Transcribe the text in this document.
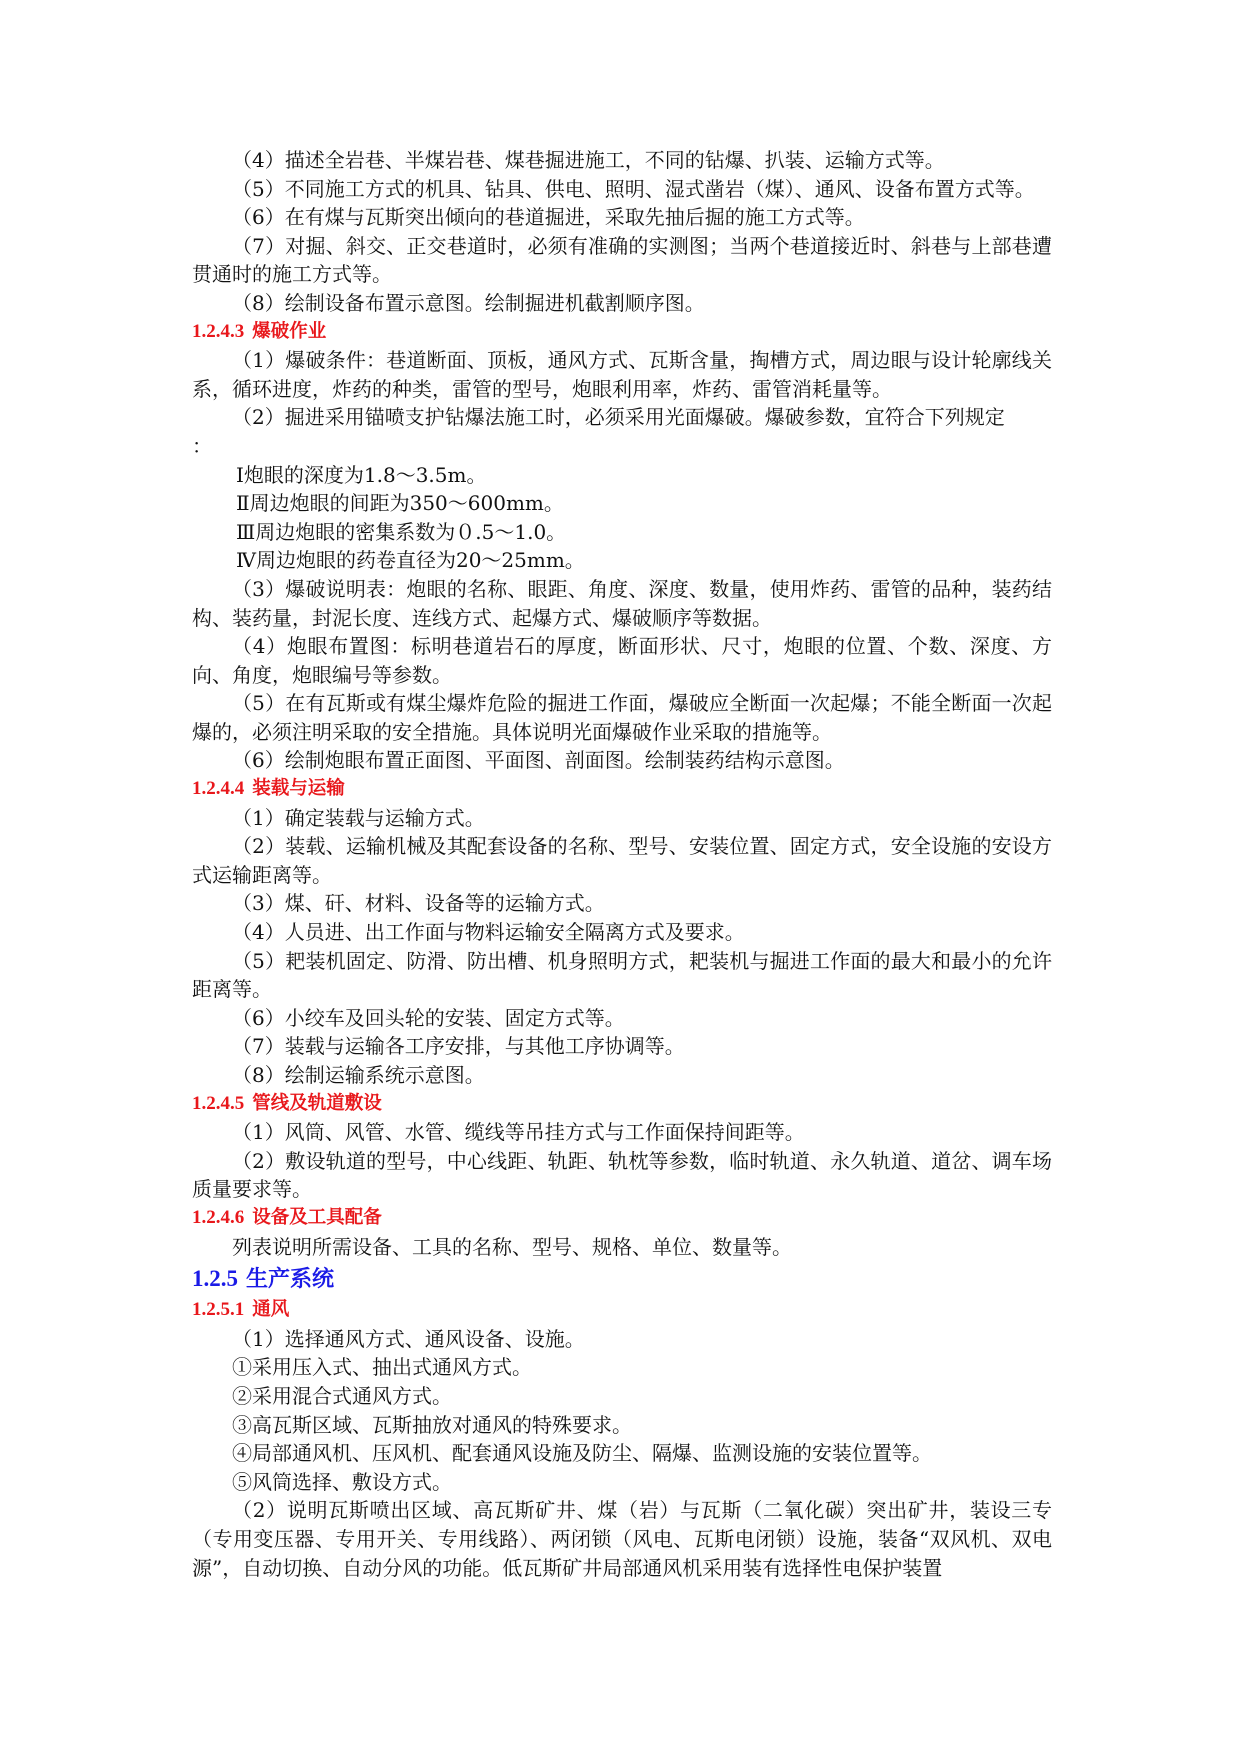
（4）描述全岩巷、半煤岩巷、煤巷掘进施工，不同的钻爆、扒装、运输方式等。

（5）不同施工方式的机具、钻具、供电、照明、湿式凿岩（煤）、通风、设备布置方式等。

（6）在有煤与瓦斯突出倾向的巷道掘进，采取先抽后掘的施工方式等。

（7）对掘、斜交、正交巷道时，必须有准确的实测图；当两个巷道接近时、斜巷与上部巷遭贯通时的施工方式等。

（8）绘制设备布置示意图。绘制掘进机截割顺序图。

1.2.4.3 爆破作业

（1）爆破条件：巷道断面、顶板，通风方式、瓦斯含量，掏槽方式，周边眼与设计轮廓线关系，循环进度，炸药的种类，雷管的型号，炮眼利用率，炸药、雷管消耗量等。

（2）掘进采用锚喷支护钻爆法施工时，必须采用光面爆破。爆破参数，宜符合下列规定

：

Ⅰ炮眼的深度为1.8～3.5m。

Ⅱ周边炮眼的间距为350～600mm。

Ⅲ周边炮眼的密集系数为０.5～1.0。

Ⅳ周边炮眼的药卷直径为20～25mm。

（3）爆破说明表：炮眼的名称、眼距、角度、深度、数量，使用炸药、雷管的品种，装药结构、装药量，封泥长度、连线方式、起爆方式、爆破顺序等数据。

（4）炮眼布置图：标明巷道岩石的厚度，断面形状、尺寸，炮眼的位置、个数、深度、方向、角度，炮眼编号等参数。

（5）在有瓦斯或有煤尘爆炸危险的掘进工作面，爆破应全断面一次起爆；不能全断面一次起爆的，必须注明采取的安全措施。具体说明光面爆破作业采取的措施等。

（6）绘制炮眼布置正面图、平面图、剖面图。绘制装药结构示意图。

1.2.4.4 装载与运输

（1）确定装载与运输方式。

（2）装载、运输机械及其配套设备的名称、型号、安装位置、固定方式，安全设施的安设方式运输距离等。

（3）煤、矸、材料、设备等的运输方式。

（4）人员进、出工作面与物料运输安全隔离方式及要求。

（5）耙装机固定、防滑、防出槽、机身照明方式，耙装机与掘进工作面的最大和最小的允许距离等。

（6）小绞车及回头轮的安装、固定方式等。

（7）装载与运输各工序安排，与其他工序协调等。

（8）绘制运输系统示意图。

1.2.4.5 管线及轨道敷设

（1）风筒、风管、水管、缆线等吊挂方式与工作面保持间距等。

（2）敷设轨道的型号，中心线距、轨距、轨枕等参数，临时轨道、永久轨道、道岔、调车场质量要求等。

1.2.4.6 设备及工具配备

列表说明所需设备、工具的名称、型号、规格、单位、数量等。

1.2.5 生产系统
1.2.5.1 通风

（1）选择通风方式、通风设备、设施。

①采用压入式、抽出式通风方式。

②采用混合式通风方式。

③高瓦斯区域、瓦斯抽放对通风的特殊要求。

④局部通风机、压风机、配套通风设施及防尘、隔爆、监测设施的安装位置等。

⑤风筒选择、敷设方式。

（2）说明瓦斯喷出区域、高瓦斯矿井、煤（岩）与瓦斯（二氧化碳）突出矿井，装设三专（专用变压器、专用开关、专用线路）、两闭锁（风电、瓦斯电闭锁）设施，装备“双风机、双电源”，自动切换、自动分风的功能。低瓦斯矿井局部通风机采用装有选择性电保护装置
